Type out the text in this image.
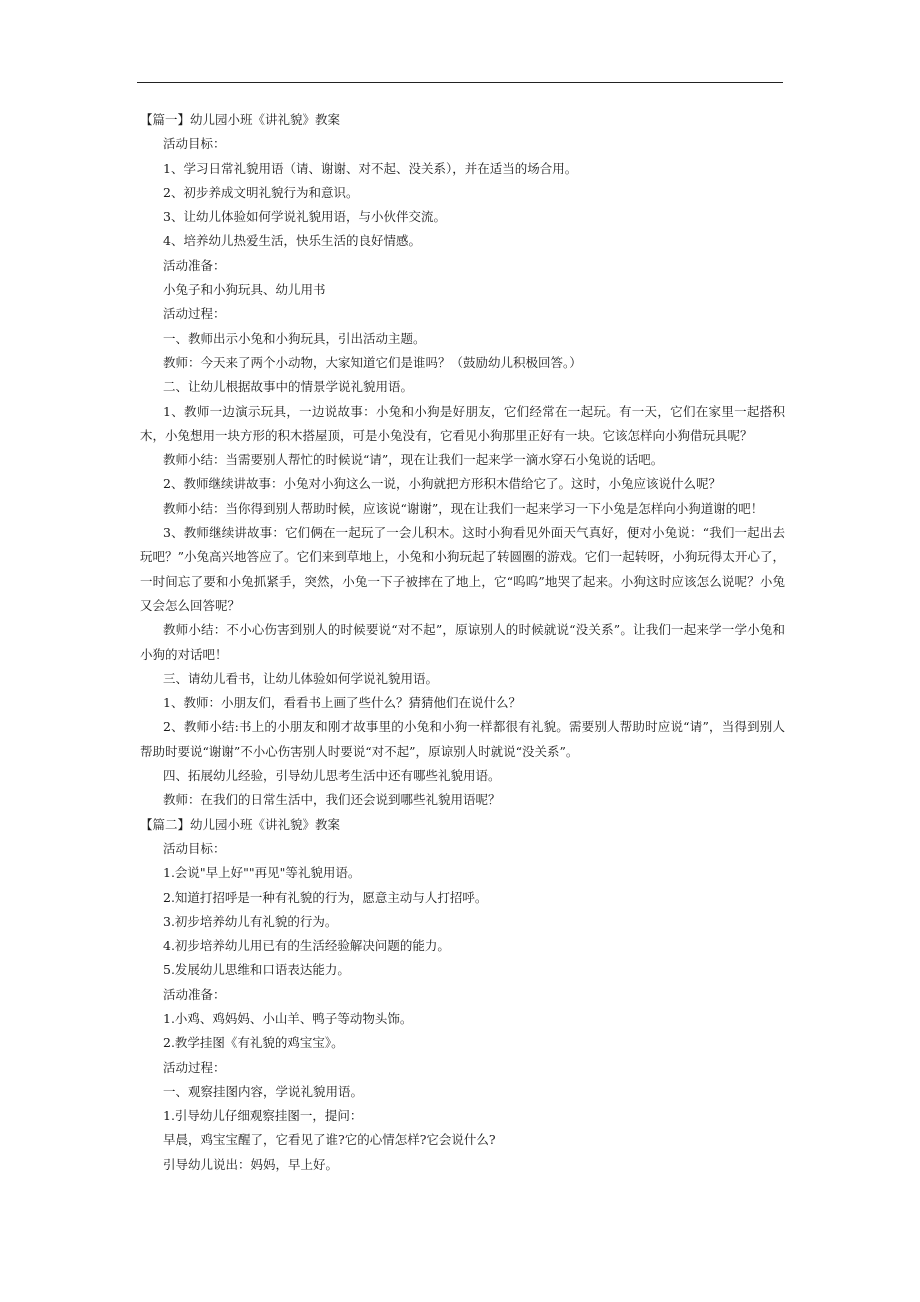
【篇一】幼儿园小班《讲礼貌》教案

活动目标：

1、学习日常礼貌用语（请、谢谢、对不起、没关系），并在适当的场合用。

2、初步养成文明礼貌行为和意识。

3、让幼儿体验如何学说礼貌用语，与小伙伴交流。

4、培养幼儿热爱生活，快乐生活的良好情感。

活动准备：

小兔子和小狗玩具、幼儿用书

活动过程：

一、教师出示小兔和小狗玩具，引出活动主题。

教师：今天来了两个小动物，大家知道它们是谁吗？（鼓励幼儿积极回答。）

二、让幼儿根据故事中的情景学说礼貌用语。

1、教师一边演示玩具，一边说故事：小兔和小狗是好朋友，它们经常在一起玩。有一天，它们在家里一起搭积木，小兔想用一块方形的积木搭屋顶，可是小兔没有，它看见小狗那里正好有一块。它该怎样向小狗借玩具呢？

教师小结：当需要别人帮忙的时候说“请”，现在让我们一起来学一滴水穿石小兔说的话吧。

2、教师继续讲故事：小兔对小狗这么一说，小狗就把方形积木借给它了。这时，小兔应该说什么呢？

教师小结：当你得到别人帮助时候，应该说“谢谢”，现在让我们一起来学习一下小兔是怎样向小狗道谢的吧！

3、教师继续讲故事：它们俩在一起玩了一会儿积木。这时小狗看见外面天气真好，便对小兔说：“我们一起出去玩吧？”小兔高兴地答应了。它们来到草地上，小兔和小狗玩起了转圆圈的游戏。它们一起转呀，小狗玩得太开心了，一时间忘了要和小兔抓紧手，突然，小兔一下子被摔在了地上，它“呜呜”地哭了起来。小狗这时应该怎么说呢？小兔又会怎么回答呢？

教师小结：不小心伤害到别人的时候要说“对不起”，原谅别人的时候就说“没关系”。让我们一起来学一学小兔和小狗的对话吧！

三、请幼儿看书，让幼儿体验如何学说礼貌用语。

1、教师：小朋友们，看看书上画了些什么？猜猜他们在说什么？

2、教师小结:书上的小朋友和刚才故事里的小兔和小狗一样都很有礼貌。需要别人帮助时应说“请”，当得到别人帮助时要说“谢谢”不小心伤害别人时要说“对不起”，原谅别人时就说“没关系”。

四、拓展幼儿经验，引导幼儿思考生活中还有哪些礼貌用语。

教师：在我们的日常生活中，我们还会说到哪些礼貌用语呢？

【篇二】幼儿园小班《讲礼貌》教案

活动目标：

1.会说"早上好""再见"等礼貌用语。

2.知道打招呼是一种有礼貌的行为，愿意主动与人打招呼。

3.初步培养幼儿有礼貌的行为。

4.初步培养幼儿用已有的生活经验解决问题的能力。

5.发展幼儿思维和口语表达能力。

活动准备：

1.小鸡、鸡妈妈、小山羊、鸭子等动物头饰。

2.教学挂图《有礼貌的鸡宝宝》。

活动过程：

一、观察挂图内容，学说礼貌用语。

1.引导幼儿仔细观察挂图一，提问：

早晨，鸡宝宝醒了，它看见了谁?它的心情怎样?它会说什么?

引导幼儿说出：妈妈，早上好。
